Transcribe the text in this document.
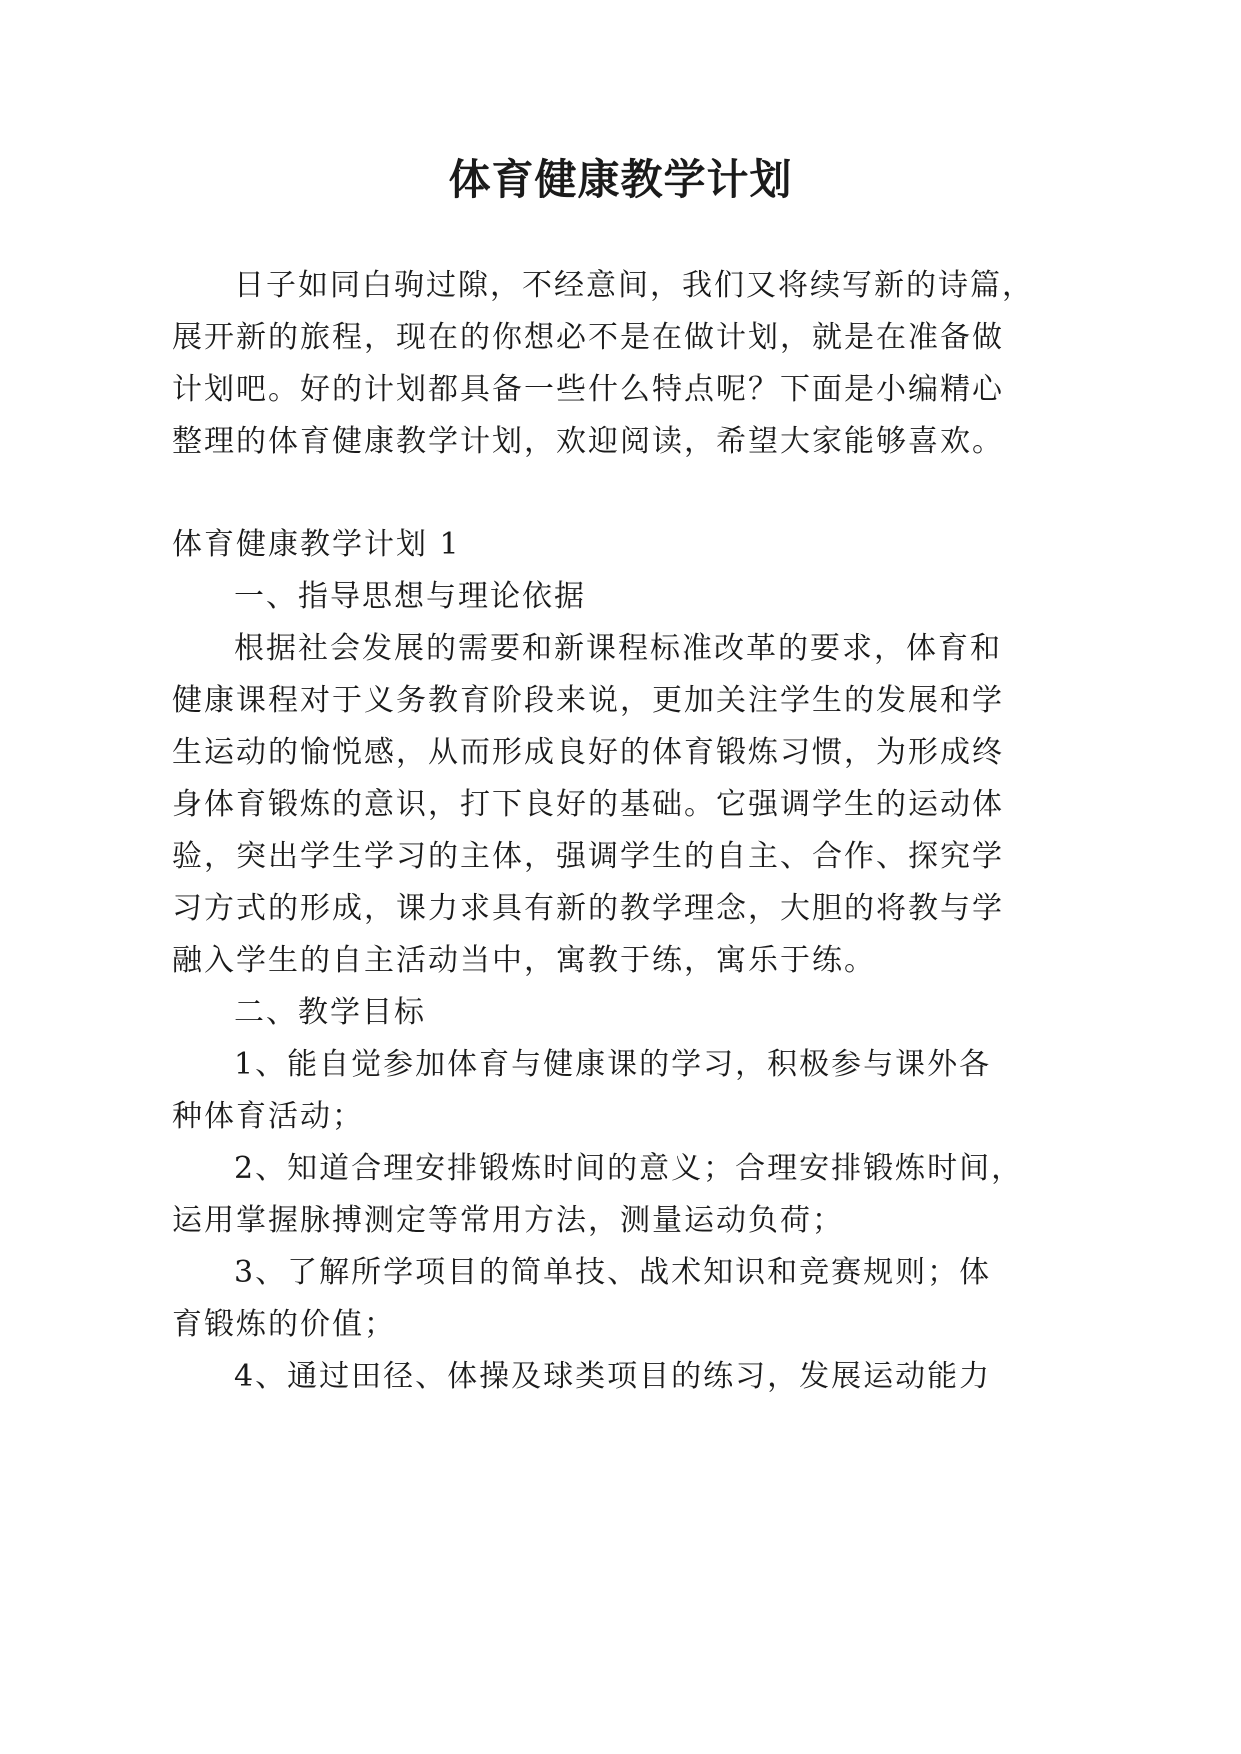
体育健康教学计划
日子如同白驹过隙，不经意间，我们又将续写新的诗篇，
展开新的旅程，现在的你想必不是在做计划，就是在准备做
计划吧。好的计划都具备一些什么特点呢？下面是小编精心
整理的体育健康教学计划，欢迎阅读，希望大家能够喜欢。
体育健康教学计划 1
一、指导思想与理论依据
根据社会发展的需要和新课程标准改革的要求，体育和
健康课程对于义务教育阶段来说，更加关注学生的发展和学
生运动的愉悦感，从而形成良好的体育锻炼习惯，为形成终
身体育锻炼的意识，打下良好的基础。它强调学生的运动体
验，突出学生学习的主体，强调学生的自主、合作、探究学
习方式的形成，课力求具有新的教学理念，大胆的将教与学
融入学生的自主活动当中，寓教于练，寓乐于练。
二、教学目标
1、能自觉参加体育与健康课的学习，积极参与课外各
种体育活动；
2、知道合理安排锻炼时间的意义；合理安排锻炼时间，
运用掌握脉搏测定等常用方法，测量运动负荷；
3、了解所学项目的简单技、战术知识和竞赛规则；体
育锻炼的价值；
4、通过田径、体操及球类项目的练习，发展运动能力
